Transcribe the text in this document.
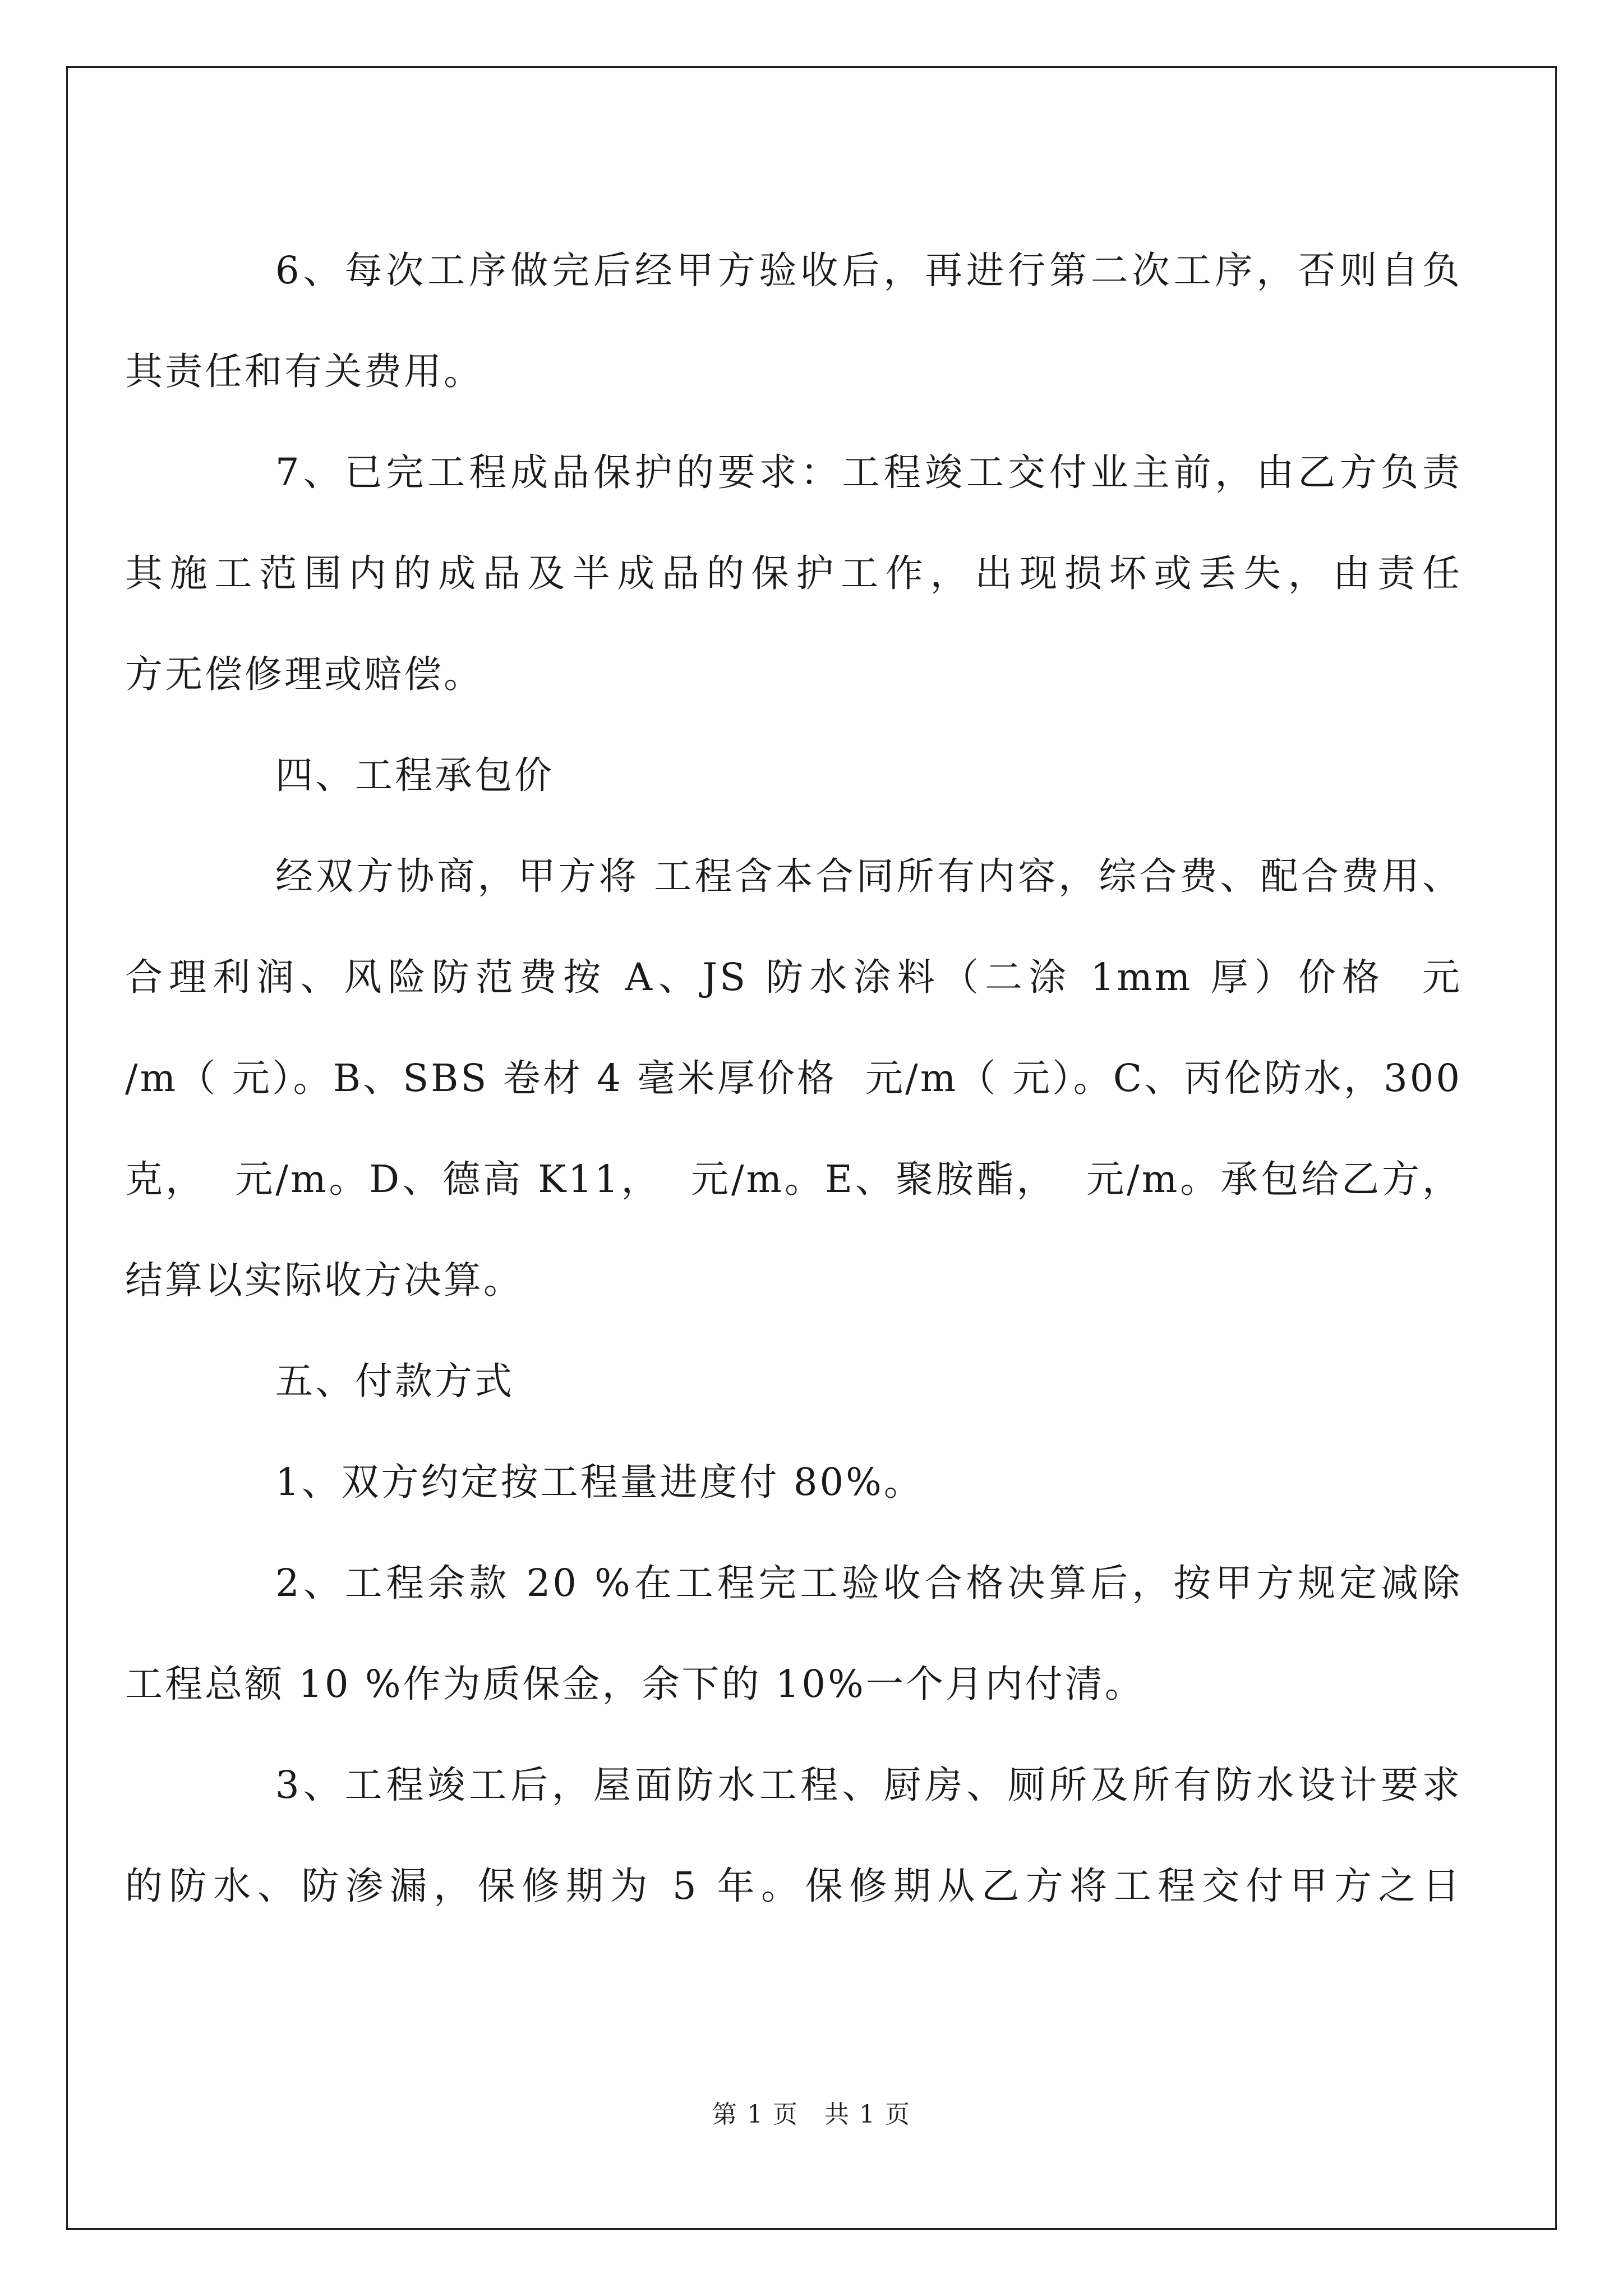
6、每次工序做完后经甲方验收后，再进行第二次工序，否则自负
其责任和有关费用。

7、已完工程成品保护的要求：工程竣工交付业主前，由乙方负责
其施工范围内的成品及半成品的保护工作，出现损坏或丢失，由责任
方无偿修理或赔偿。

四、工程承包价

经双方协商，甲方将 工程含本合同所有内容，综合费、配合费用、
合理利润、风险防范费按 A、JS 防水涂料（二涂 1mm 厚）价格  元
/m（ 元）。B、SBS 卷材 4 毫米厚价格  元/m（ 元）。C、丙伦防水，300
克，  元/m。D、德高 K11，  元/m。E、聚胺酯，  元/m。承包给乙方，
结算以实际收方决算。

五、付款方式

1、双方约定按工程量进度付 80%。

2、工程余款 20 %在工程完工验收合格决算后，按甲方规定减除
工程总额 10 %作为质保金，余下的 10%一个月内付清。

3、工程竣工后，屋面防水工程、厨房、厕所及所有防水设计要求
的防水、防渗漏，保修期为 5 年。保修期从乙方将工程交付甲方之日

第 1 页　共 1 页
